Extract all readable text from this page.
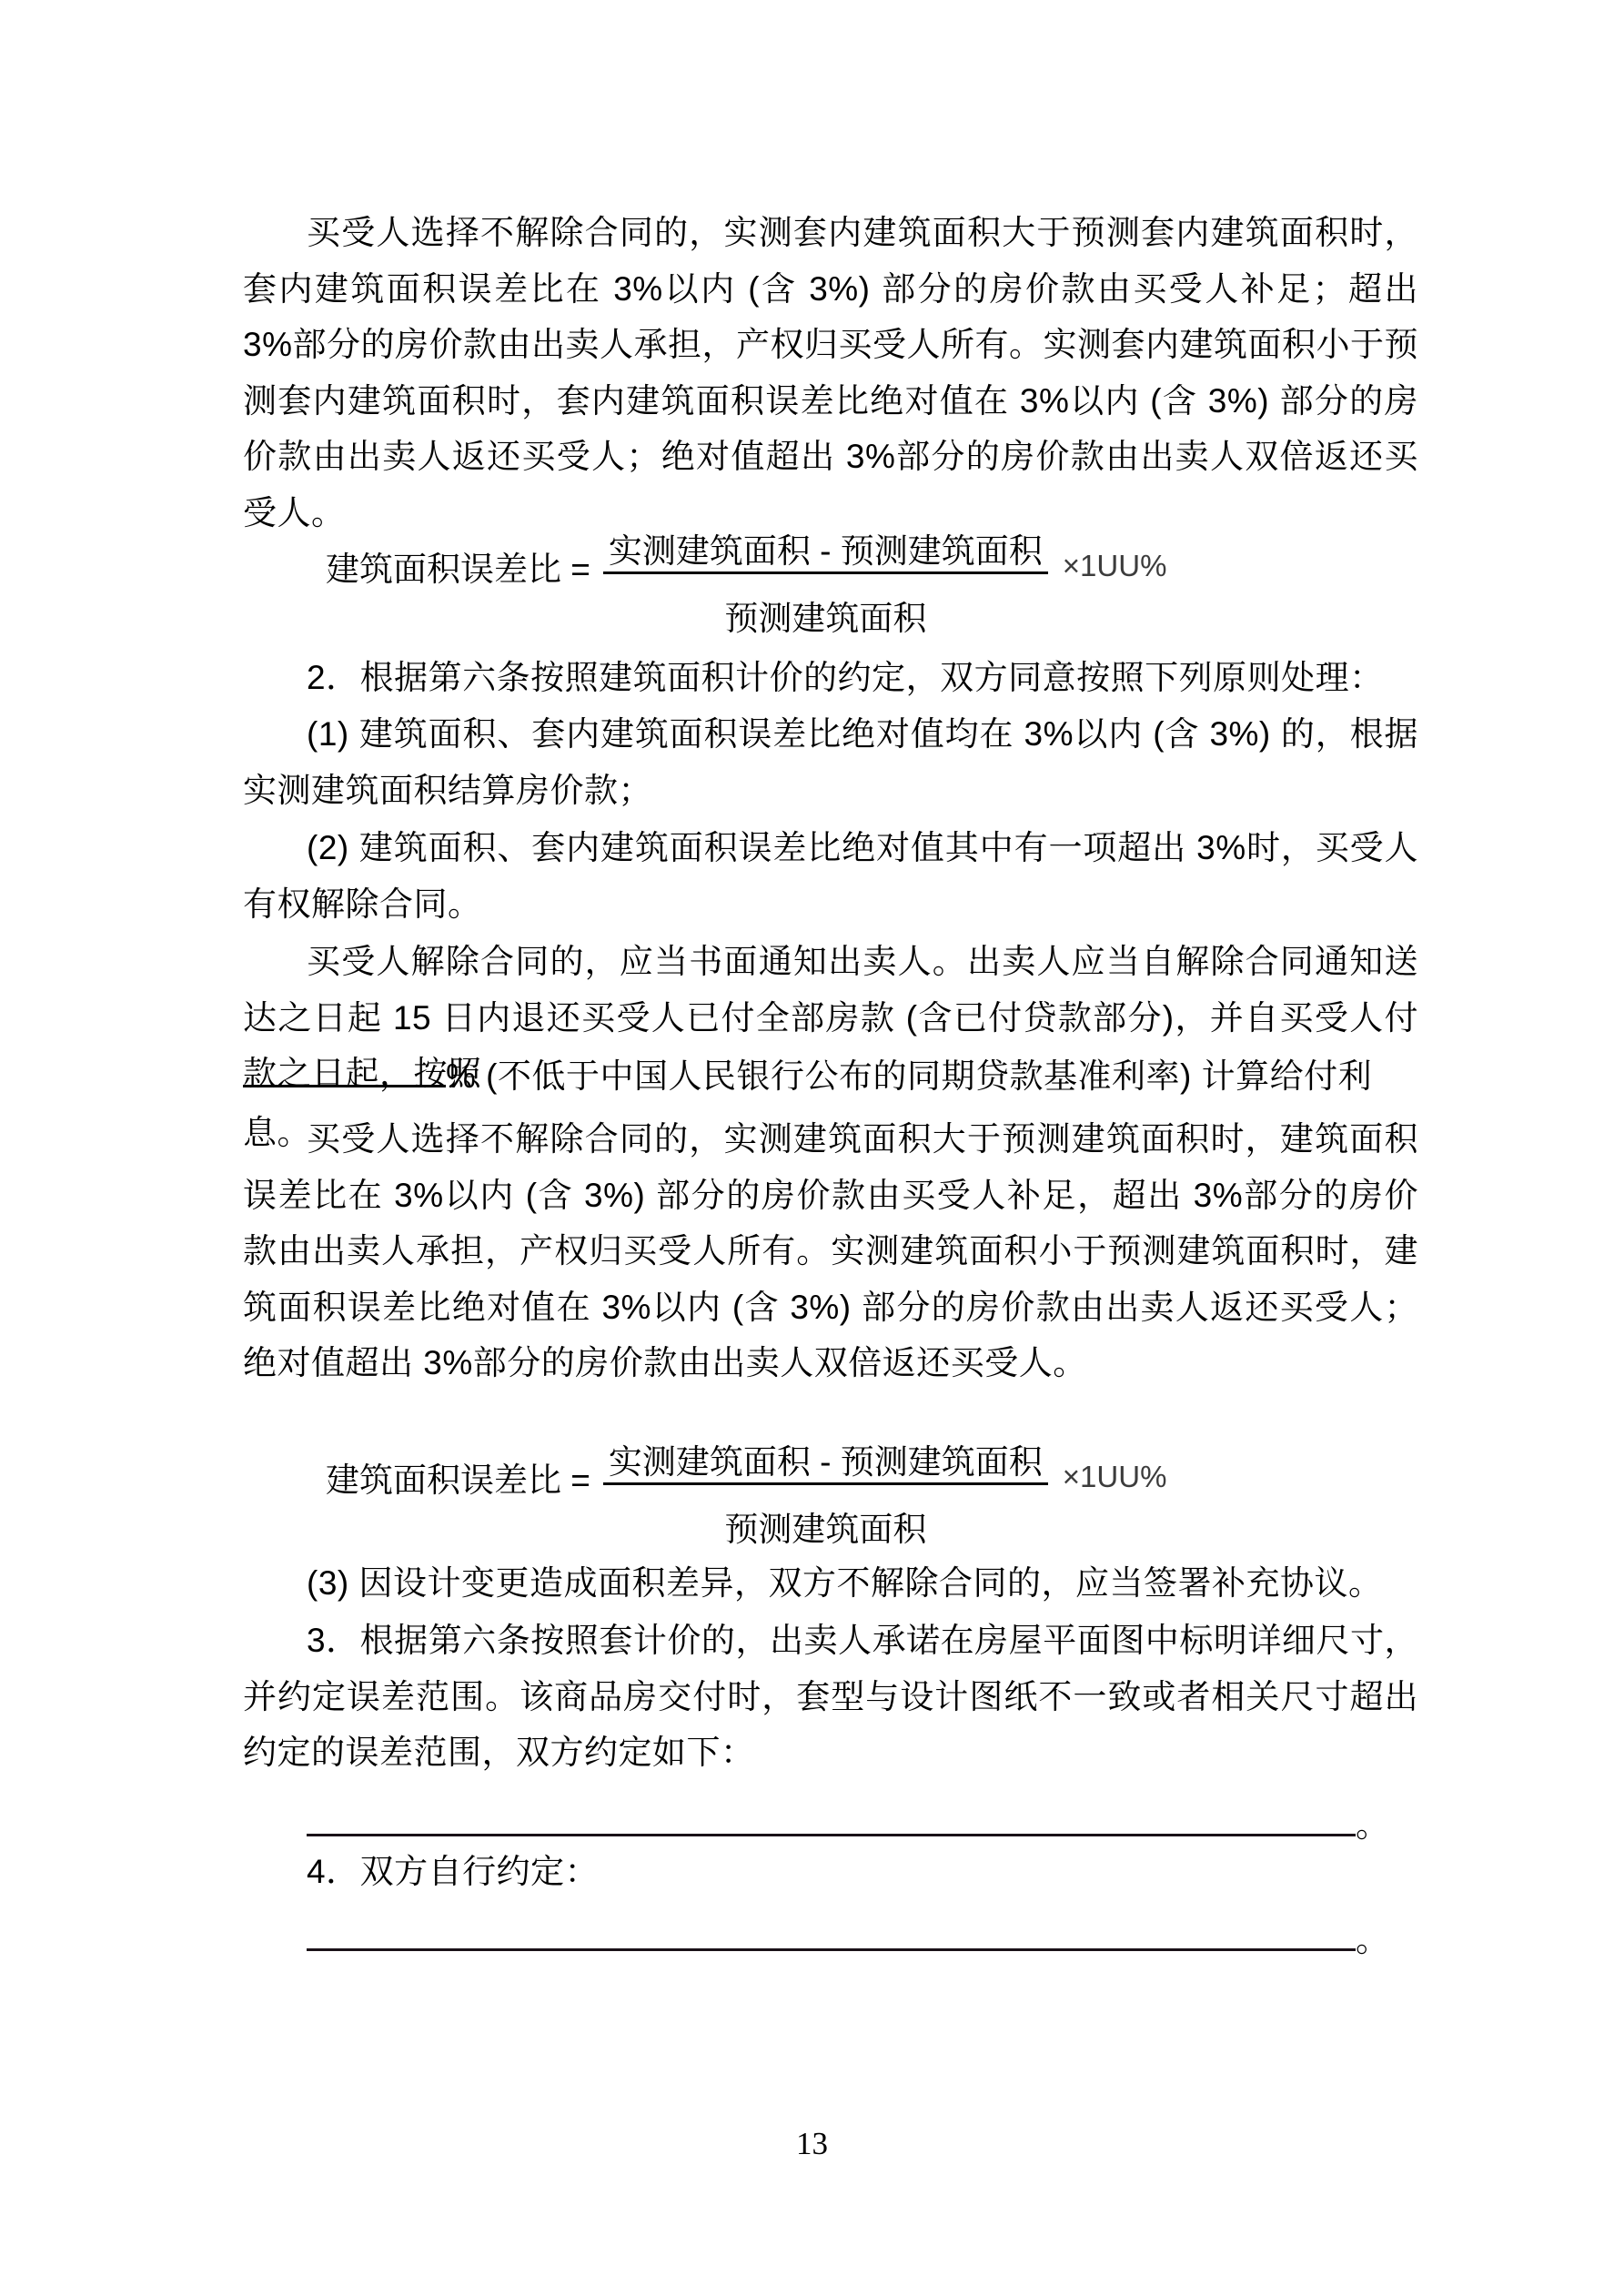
买受人选择不解除合同的，实测套内建筑面积大于预测套内建筑面积时，套内建筑面积误差比在 3%以内 (含 3%) 部分的房价款由买受人补足；超出 3%部分的房价款由出卖人承担，产权归买受人所有。实测套内建筑面积小于预测套内建筑面积时，套内建筑面积误差比绝对值在 3%以内 (含 3%) 部分的房价款由出卖人返还买受人；绝对值超出 3%部分的房价款由出卖人双倍返还买受人。
建筑面积误差比 = $\frac{\text{实测建筑面积 - 预测建筑面积}}{\text{预测建筑面积}} \times 1UU\%$
2．根据第六条按照建筑面积计价的约定，双方同意按照下列原则处理：
(1) 建筑面积、套内建筑面积误差比绝对值均在 3%以内 (含 3%) 的，根据实测建筑面积结算房价款；
(2) 建筑面积、套内建筑面积误差比绝对值其中有一项超出 3%时，买受人有权解除合同。
买受人解除合同的，应当书面通知出卖人。出卖人应当自解除合同通知送达之日起 15 日内退还买受人已付全部房款 (含已付贷款部分)，并自买受人付款之日起，按照
% (不低于中国人民银行公布的同期贷款基准利率) 计算给付利息。
买受人选择不解除合同的，实测建筑面积大于预测建筑面积时，建筑面积误差比在 3%以内 (含 3%) 部分的房价款由买受人补足，超出 3%部分的房价款由出卖人承担，产权归买受人所有。实测建筑面积小于预测建筑面积时，建筑面积误差比绝对值在 3%以内 (含 3%) 部分的房价款由出卖人返还买受人；绝对值超出 3%部分的房价款由出卖人双倍返还买受人。
建筑面积误差比 = $\frac{\text{实测建筑面积 - 预测建筑面积}}{\text{预测建筑面积}} \times 1UU\%$
(3) 因设计变更造成面积差异，双方不解除合同的，应当签署补充协议。
3．根据第六条按照套计价的，出卖人承诺在房屋平面图中标明详细尺寸，并约定误差范围。该商品房交付时，套型与设计图纸不一致或者相关尺寸超出约定的误差范围，双方约定如下：
。
4．双方自行约定：
。
13
